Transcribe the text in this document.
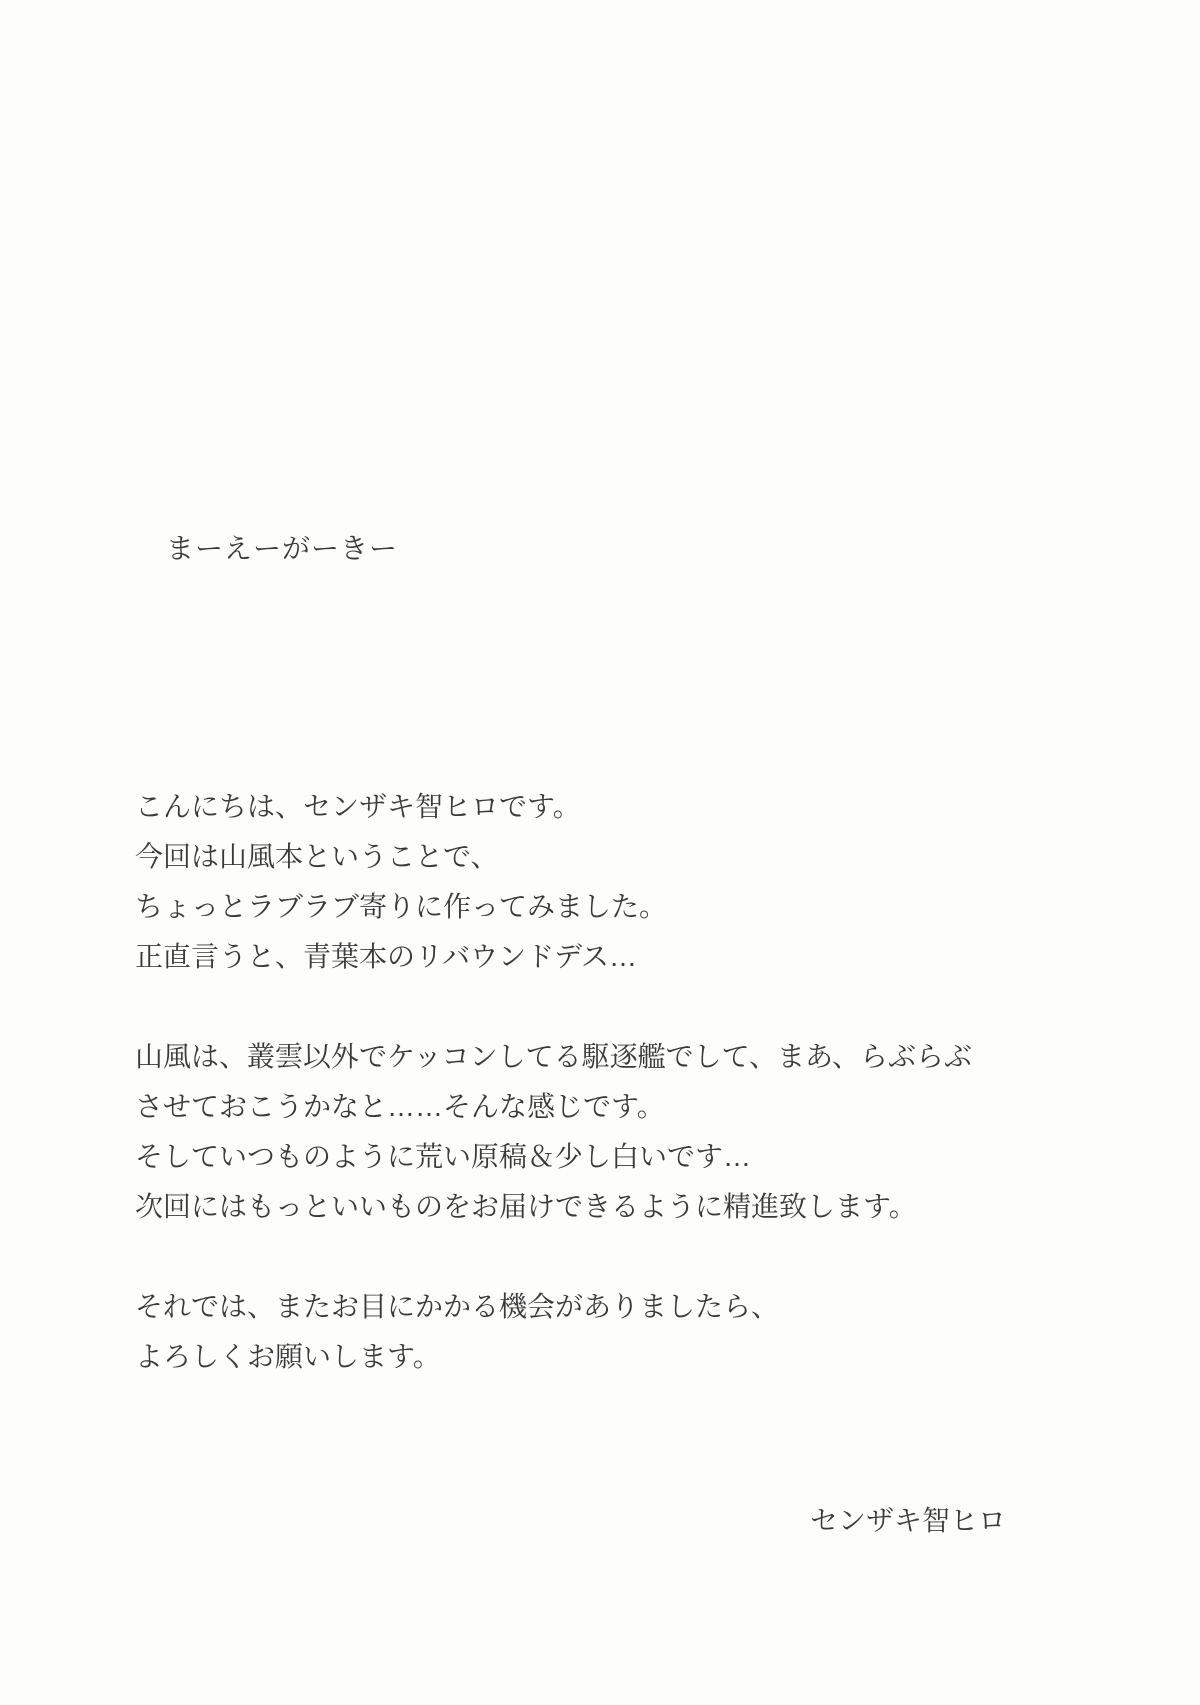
まーえーがーきー

こんにちは、センザキ智ヒロです。
今回は山風本ということで、
ちょっとラブラブ寄りに作ってみました。
正直言うと、青葉本のリバウンドデス…

山風は、叢雲以外でケッコンしてる駆逐艦でして、まあ、らぶらぶ
させておこうかなと……そんな感じです。
そしていつものように荒い原稿＆少し白いです…
次回にはもっといいものをお届けできるように精進致します。

それでは、またお目にかかる機会がありましたら、
よろしくお願いします。

センザキ智ヒロ
